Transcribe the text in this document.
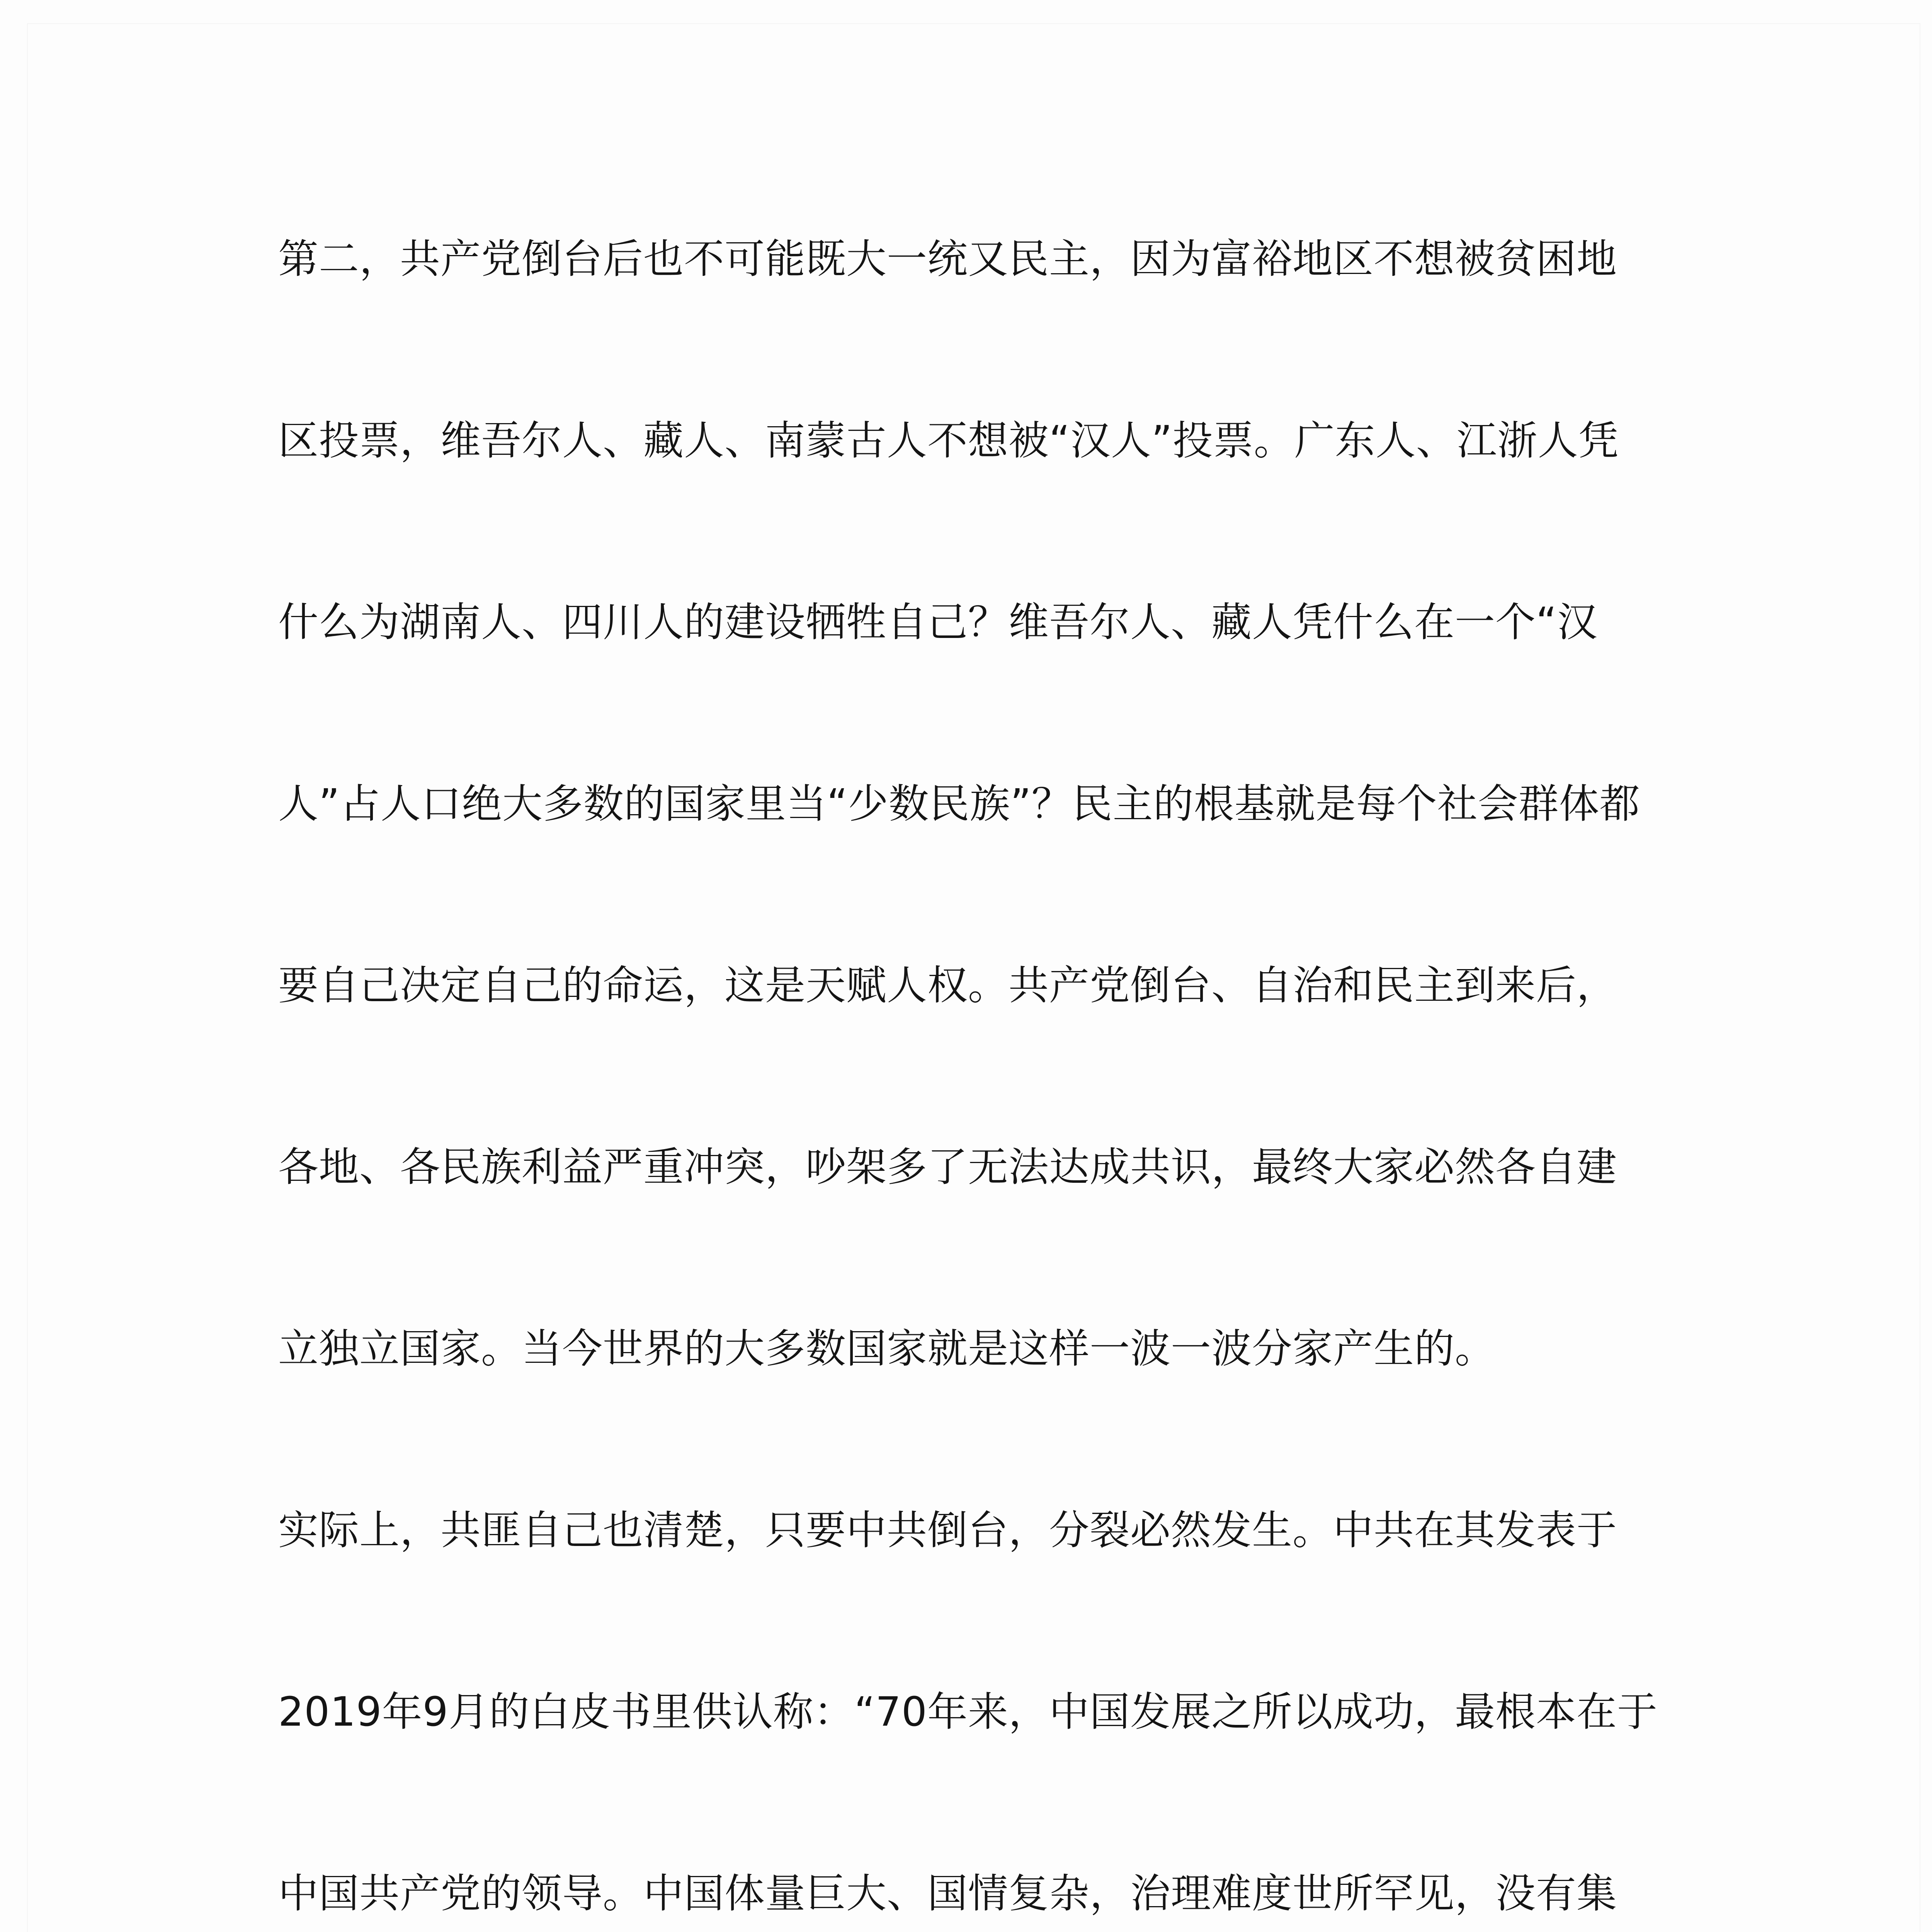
第二，共产党倒台后也不可能既大一统又民主，因为富裕地区不想被贫困地

区投票，维吾尔人、藏人、南蒙古人不想被“汉人”投票。广东人、江浙人凭

什么为湖南人、四川人的建设牺牲自己？维吾尔人、藏人凭什么在一个“汉

人”占人口绝大多数的国家里当“少数民族”？民主的根基就是每个社会群体都

要自己决定自己的命运，这是天赋人权。共产党倒台、自治和民主到来后，

各地、各民族利益严重冲突，吵架多了无法达成共识，最终大家必然各自建

立独立国家。当今世界的大多数国家就是这样一波一波分家产生的。

实际上，共匪自己也清楚，只要中共倒台，分裂必然发生。中共在其发表于

2019年9月的白皮书里供认称：“70年来，中国发展之所以成功，最根本在于

中国共产党的领导。中国体量巨大、国情复杂，治理难度世所罕见，没有集
